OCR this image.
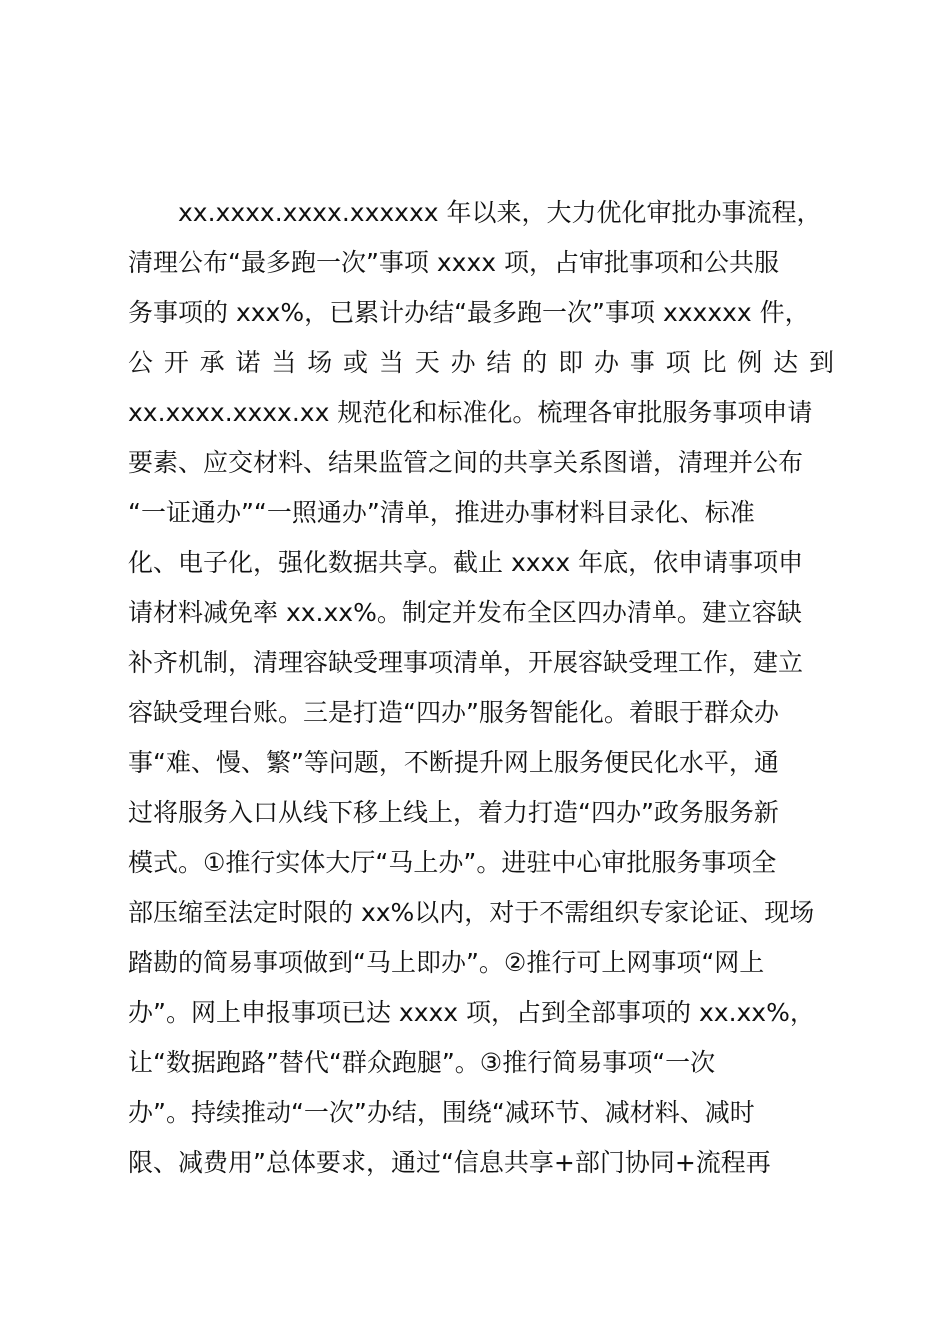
xx.xxxx.xxxx.xxxxxx 年以来，大力优化审批办事流程，
清理公布“最多跑一次”事项 xxxx 项，占审批事项和公共服
务事项的 xxx%，已累计办结“最多跑一次”事项 xxxxxx 件，
公开承诺当场或当天办结的即办事项比例达到
xx.xxxx.xxxx.xx 规范化和标准化。梳理各审批服务事项申请
要素、应交材料、结果监管之间的共享关系图谱，清理并公布
“一证通办”“一照通办”清单，推进办事材料目录化、标准
化、电子化，强化数据共享。截止 xxxx 年底，依申请事项申
请材料减免率 xx.xx%。制定并发布全区四办清单。建立容缺
补齐机制，清理容缺受理事项清单，开展容缺受理工作，建立
容缺受理台账。三是打造“四办”服务智能化。着眼于群众办
事“难、慢、繁”等问题，不断提升网上服务便民化水平，通
过将服务入口从线下移上线上，着力打造“四办”政务服务新
模式。①推行实体大厅“马上办”。进驻中心审批服务事项全
部压缩至法定时限的 xx%以内，对于不需组织专家论证、现场
踏勘的简易事项做到“马上即办”。②推行可上网事项“网上
办”。网上申报事项已达 xxxx 项，占到全部事项的 xx.xx%，
让“数据跑路”替代“群众跑腿”。③推行简易事项“一次
办”。持续推动“一次”办结，围绕“减环节、减材料、减时
限、减费用”总体要求，通过“信息共享+部门协同+流程再
